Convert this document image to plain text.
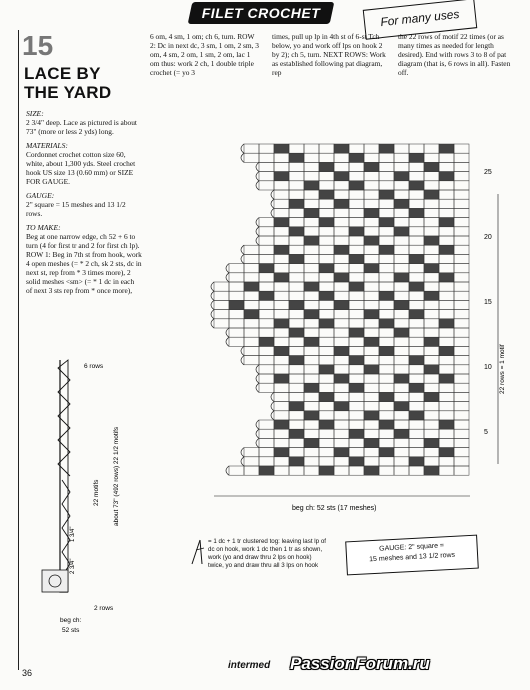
FILET CROCHET	For many uses
15
LACE BY
THE YARD
SIZE:

2 3/4" deep. Lace as pictured is about 73" (more or less 2 yds) long.

MATERIALS:

Cordonnet crochet cotton size 60, white, about 1,300 yds. Steel crochet hook US size 13 (0.60 mm) or SIZE FOR GAUGE.

GAUGE:

2" square = 15 meshes and 13 1/2 rows.

TO MAKE:

Beg at one narrow edge, ch 52 + 6 to turn (4 for first tr and 2 for first ch lp). ROW 1: Beg in 7th st from hook, work 4 open meshes (= * 2 ch, sk 2 sts, dc in next st, rep from * 3 times more), 2 solid meshes <sm> (= * 1 dc in each of next 3 sts rep from * once more),

6 om, 4 sm, 1 om; ch 6, turn. ROW 2: Dc in next dc, 3 sm, 1 om, 2 sm, 3 om, 4 sm, 2 om, 1 sm, 2 om, lac 1 om thus: work 2 ch, 1 double triple crochet (= yo 3

times, pull up lp in 4th st of 6-st Tch below, yo and work off lps on hook 2 by 2); ch 5, turn. NEXT ROWS: Work as established following pat diagram, rep

the 22 rows of motif 22 times (or as many times as needed for length desired). End with rows 3 to 8 of pat diagram (that is, 6 rows in all). Fasten off.

25
20
15
10
5
22 rows = 1 motif
beg ch: 52 sts (17 meshes)
6 rows
22 motifs about 73" (492 rows) 22 1/2 motifs
1 3/4"
2 3/4"
2 rows
beg ch:
52 sts
= 1 dc + 1 tr clustered tog: leaving last lp of dc on hook, work 1 dc then 1 tr as shown, work (yo and draw thru 2 lps on hook) twice, yo and draw thru all 3 lps on hook
GAUGE: 2" square =
15 meshes and 13 1/2 rows
36
intermed PassionForum.ru
